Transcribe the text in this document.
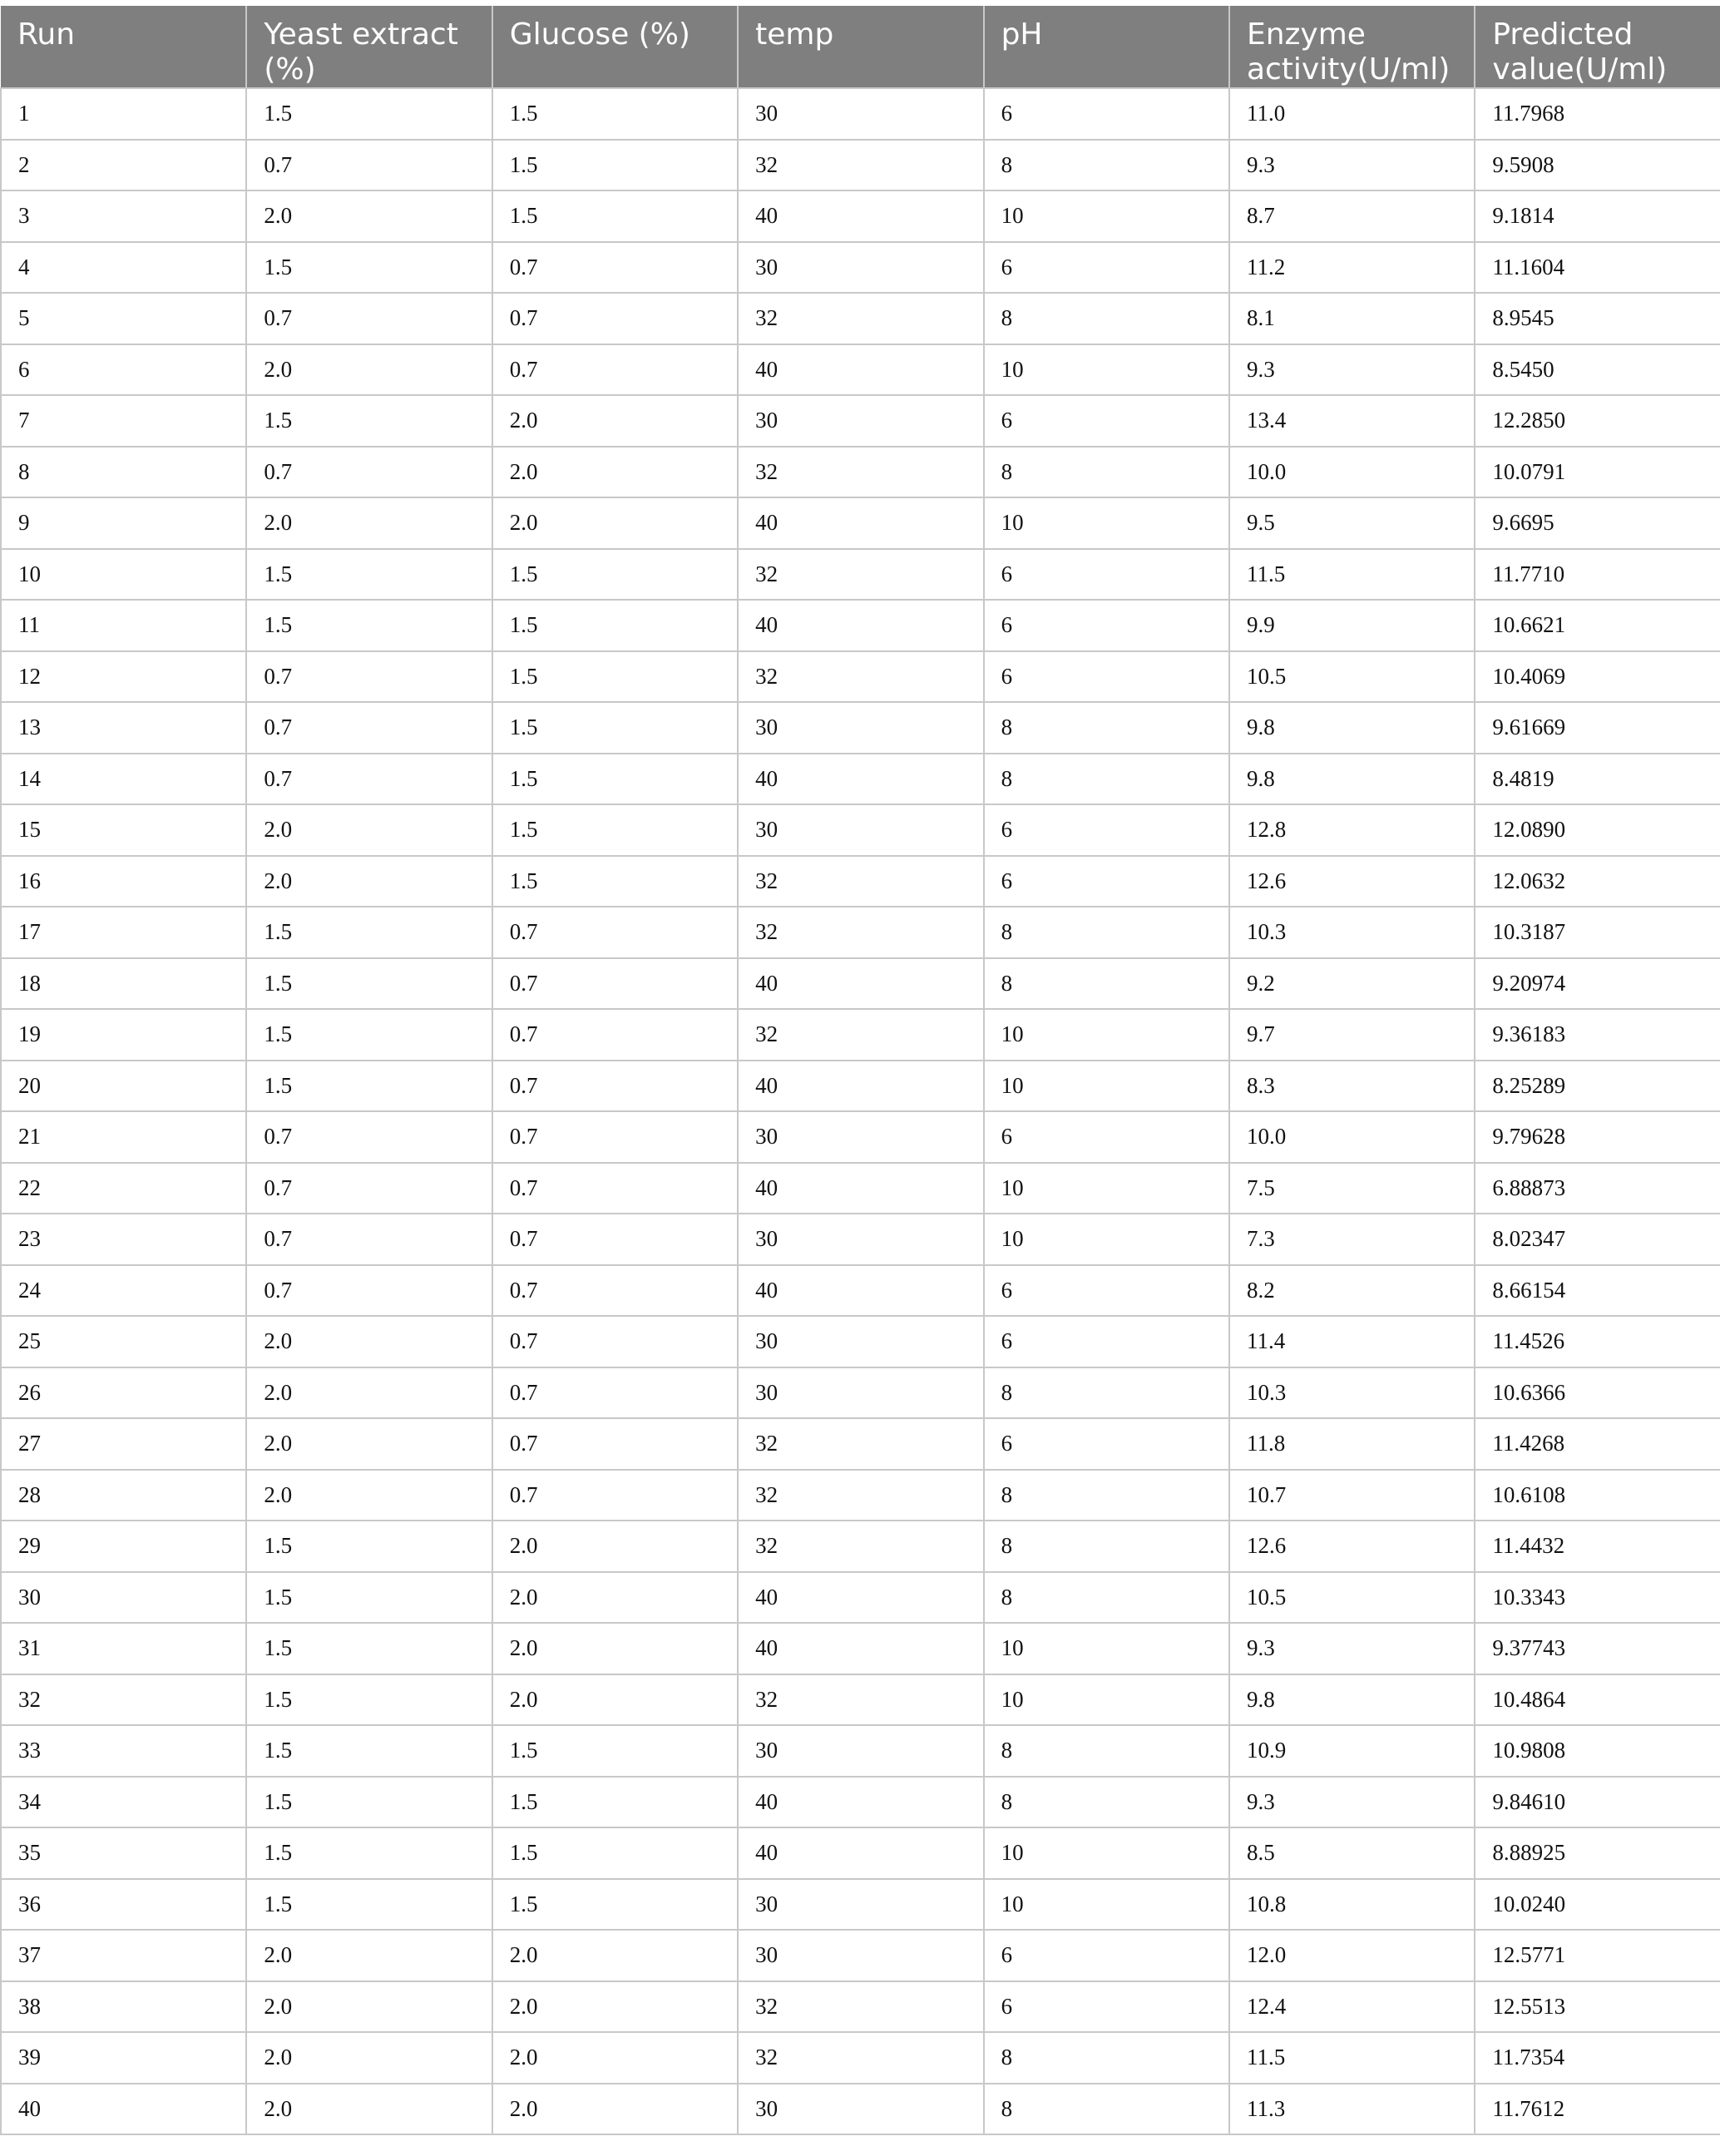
Run	Yeast extract (%)	Glucose (%)	temp	pH	Enzyme activity(U/ml)	Predicted value(U/ml)
1	1.5	1.5	30	6	11.0	11.7968
2	0.7	1.5	32	8	9.3	9.5908
3	2.0	1.5	40	10	8.7	9.1814
4	1.5	0.7	30	6	11.2	11.1604
5	0.7	0.7	32	8	8.1	8.9545
6	2.0	0.7	40	10	9.3	8.5450
7	1.5	2.0	30	6	13.4	12.2850
8	0.7	2.0	32	8	10.0	10.0791
9	2.0	2.0	40	10	9.5	9.6695
10	1.5	1.5	32	6	11.5	11.7710
11	1.5	1.5	40	6	9.9	10.6621
12	0.7	1.5	32	6	10.5	10.4069
13	0.7	1.5	30	8	9.8	9.61669
14	0.7	1.5	40	8	9.8	8.4819
15	2.0	1.5	30	6	12.8	12.0890
16	2.0	1.5	32	6	12.6	12.0632
17	1.5	0.7	32	8	10.3	10.3187
18	1.5	0.7	40	8	9.2	9.20974
19	1.5	0.7	32	10	9.7	9.36183
20	1.5	0.7	40	10	8.3	8.25289
21	0.7	0.7	30	6	10.0	9.79628
22	0.7	0.7	40	10	7.5	6.88873
23	0.7	0.7	30	10	7.3	8.02347
24	0.7	0.7	40	6	8.2	8.66154
25	2.0	0.7	30	6	11.4	11.4526
26	2.0	0.7	30	8	10.3	10.6366
27	2.0	0.7	32	6	11.8	11.4268
28	2.0	0.7	32	8	10.7	10.6108
29	1.5	2.0	32	8	12.6	11.4432
30	1.5	2.0	40	8	10.5	10.3343
31	1.5	2.0	40	10	9.3	9.37743
32	1.5	2.0	32	10	9.8	10.4864
33	1.5	1.5	30	8	10.9	10.9808
34	1.5	1.5	40	8	9.3	9.84610
35	1.5	1.5	40	10	8.5	8.88925
36	1.5	1.5	30	10	10.8	10.0240
37	2.0	2.0	30	6	12.0	12.5771
38	2.0	2.0	32	6	12.4	12.5513
39	2.0	2.0	32	8	11.5	11.7354
40	2.0	2.0	30	8	11.3	11.7612
